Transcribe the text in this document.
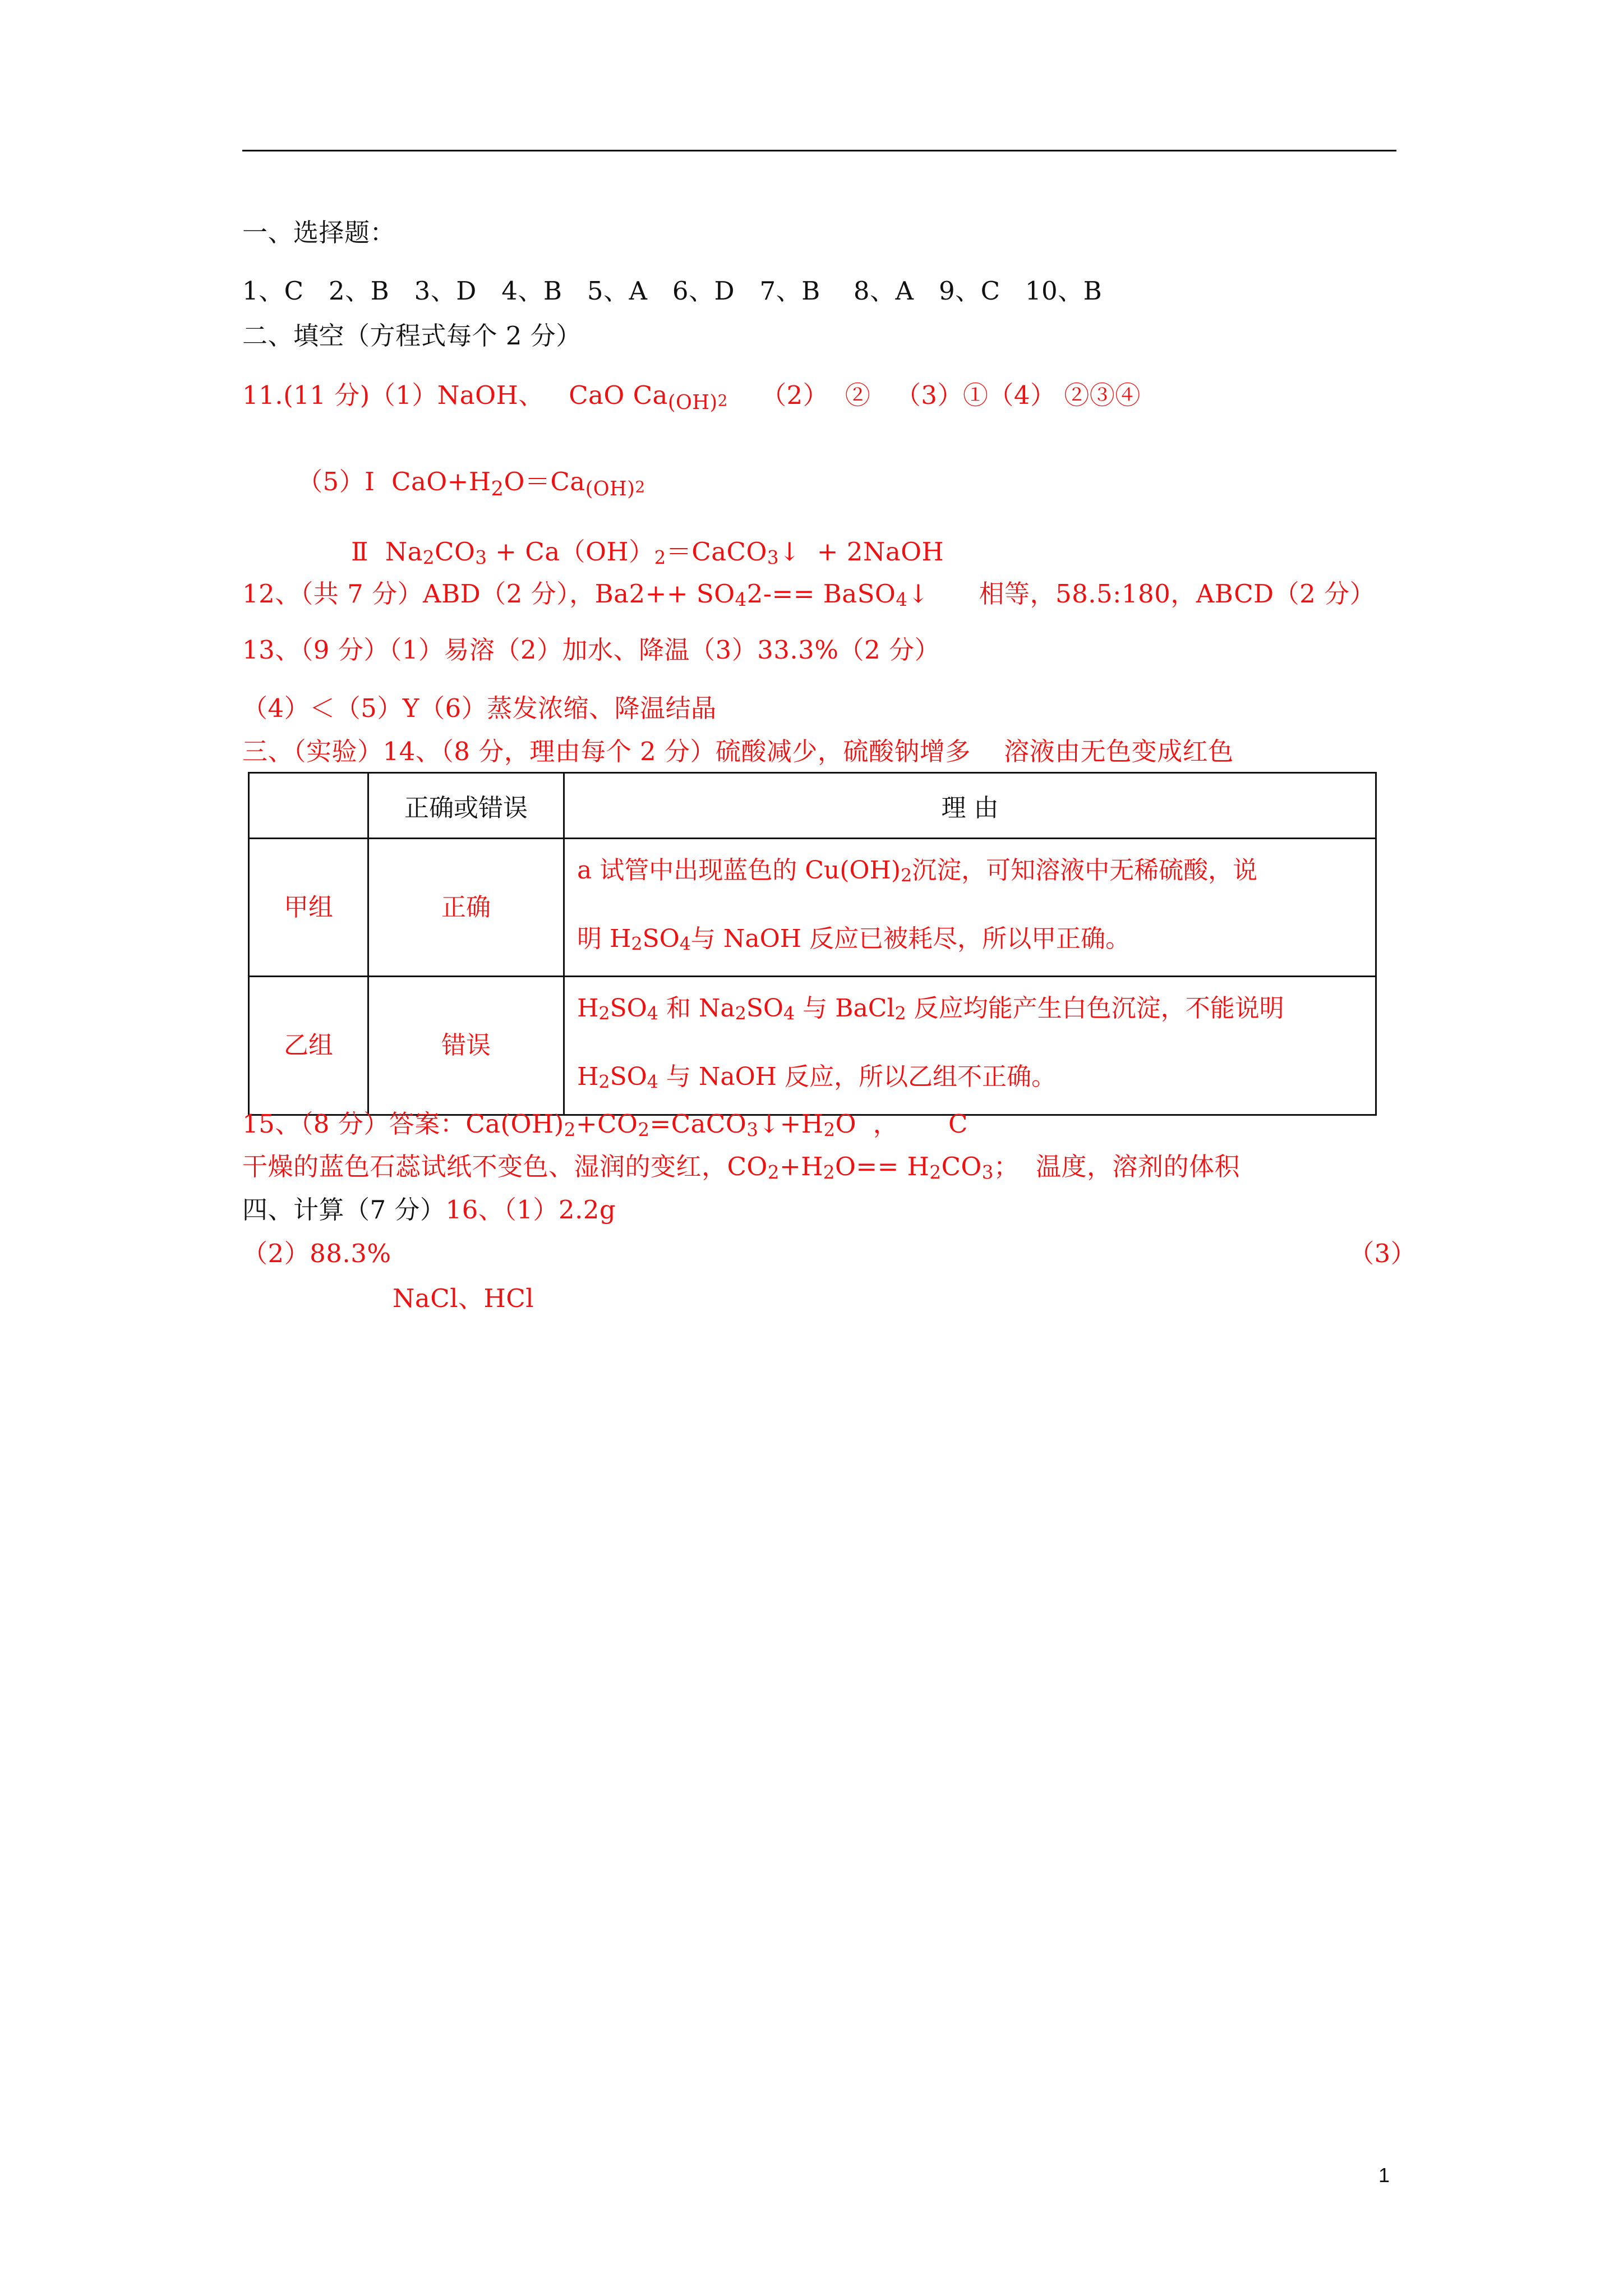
一、选择题：
1、C   2、B   3、D   4、B   5、A   6、D   7、B    8、A   9、C   10、B
二、填空（方程式每个 2 分）
11.(11 分)（1）NaOH、   CaO Ca(OH)2    （2）  ②   （3）①（4） ②③④
（5）Ⅰ  CaO+H2O＝Ca(OH)2
Ⅱ  Na2CO3 + Ca（OH）2＝CaCO3↓  + 2NaOH
12、（共 7 分）ABD（2 分），Ba2++ SO42-== BaSO4↓      相等，58.5:180，ABCD（2 分）
13、（9 分）（1）易溶（2）加水、降温（3）33.3%（2 分）
（4）＜（5）Y（6）蒸发浓缩、降温结晶
三、（实验）14、（8 分，理由每个 2 分）硫酸减少，硫酸钠增多    溶液由无色变成红色
	正确或错误	理 由
甲组	正确	a 试管中出现蓝色的 Cu(OH)2沉淀，可知溶液中无稀硫酸，说
明 H2SO4与 NaOH 反应已被耗尽，所以甲正确。

乙组	错误	H2SO4 和 Na2SO4 与 BaCl2 反应均能产生白色沉淀，不能说明
H2SO4 与 NaOH 反应，所以乙组不正确。
15、（8 分）答案：Ca(OH)2+CO2=CaCO3↓+H2O  ，      C
干燥的蓝色石蕊试纸不变色、湿润的变红，CO2+H2O== H2CO3；  温度，溶剂的体积
四、计算（7 分）16、（1）2.2g
（2）88.3%	（3）
NaCl、HCl
1
